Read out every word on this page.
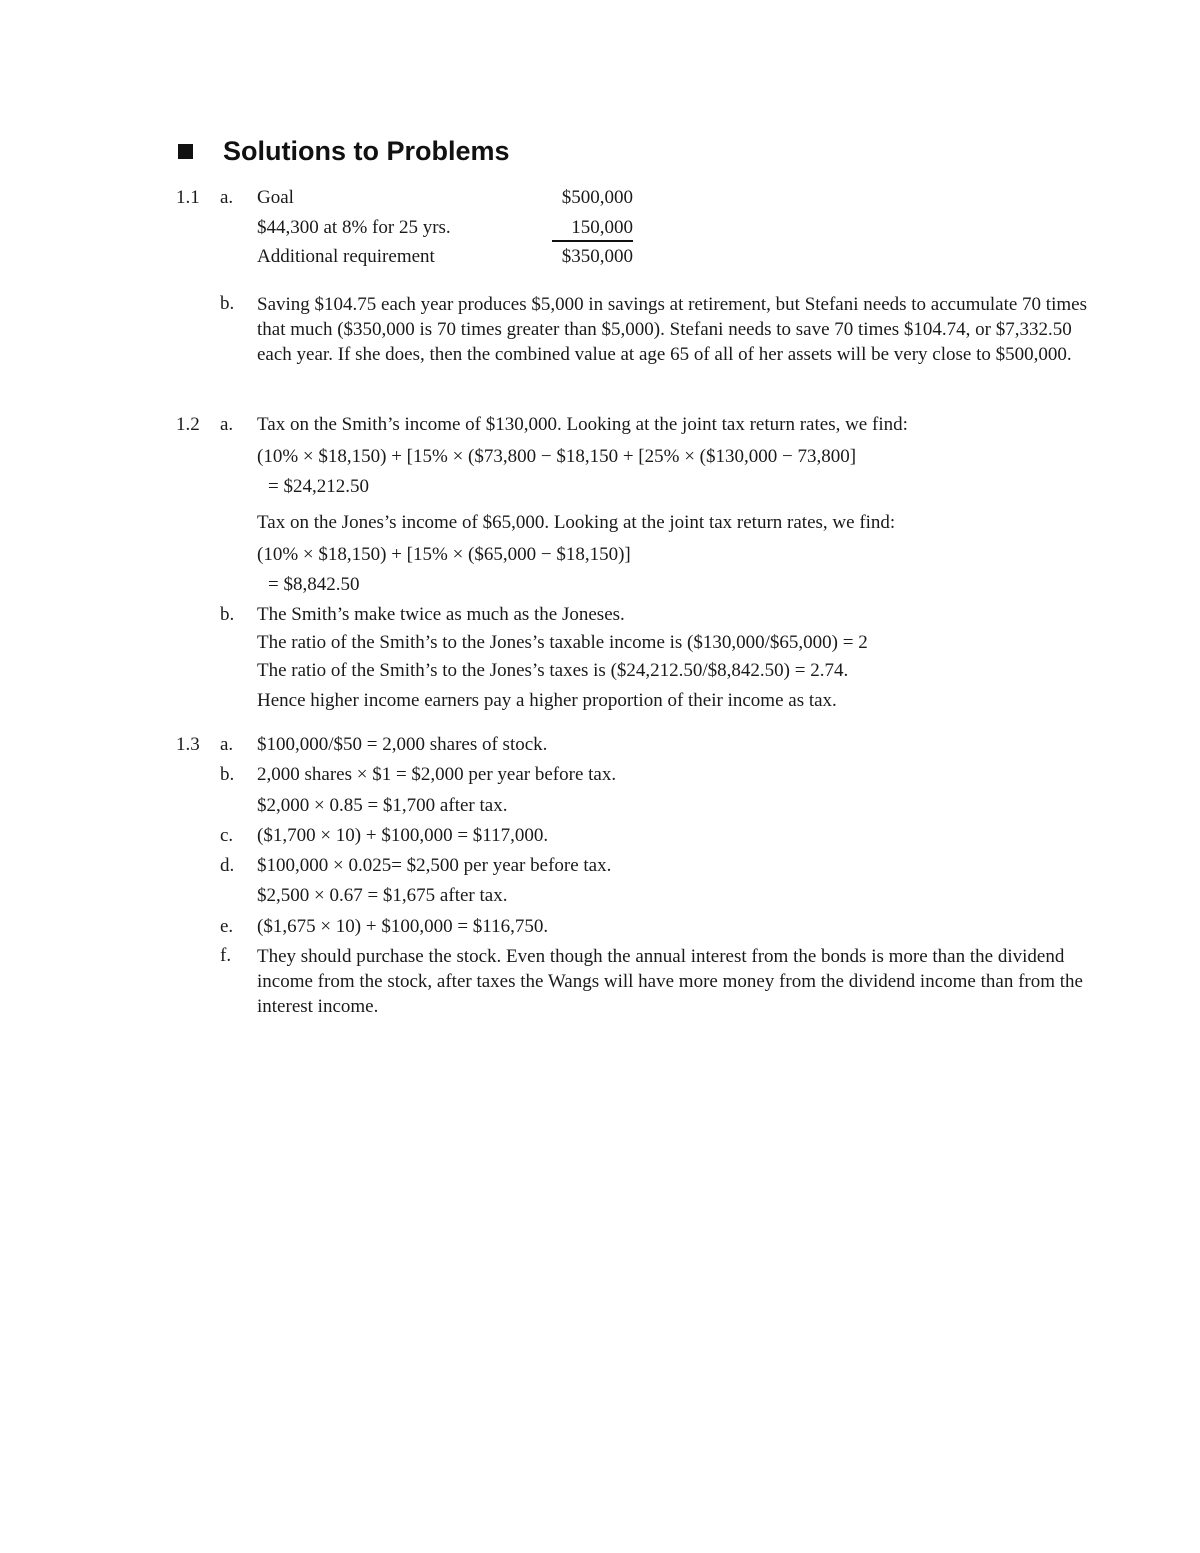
Solutions to Problems
1.1 a. Goal	$500,000
$44,300 at 8% for 25 yrs.	150,000
Additional requirement	$350,000
b. Saving $104.75 each year produces $5,000 in savings at retirement, but Stefani needs to accumulate 70 times that much ($350,000 is 70 times greater than $5,000). Stefani needs to save 70 times $104.74, or $7,332.50 each year. If she does, then the combined value at age 65 of all of her assets will be very close to $500,000.
1.2 a. Tax on the Smith’s income of $130,000. Looking at the joint tax return rates, we find:
(10% × $18,150) + [15% × ($73,800 − $18,150 + [25% × ($130,000 − 73,800]
= $24,212.50
Tax on the Jones’s income of $65,000. Looking at the joint tax return rates, we find:
(10% × $18,150) + [15% × ($65,000 − $18,150)]
= $8,842.50
b. The Smith’s make twice as much as the Joneses.
The ratio of the Smith’s to the Jones’s taxable income is ($130,000/$65,000) = 2
The ratio of the Smith’s to the Jones’s taxes is ($24,212.50/$8,842.50) = 2.74.
Hence higher income earners pay a higher proportion of their income as tax.
1.3 a. $100,000/$50 = 2,000 shares of stock.
b. 2,000 shares × $1 = $2,000 per year before tax.
$2,000 × 0.85 = $1,700 after tax.
c. ($1,700 × 10) + $100,000 = $117,000.
d. $100,000 × 0.025= $2,500 per year before tax.
$2,500 × 0.67 = $1,675 after tax.
e. ($1,675 × 10) + $100,000 = $116,750.
f. They should purchase the stock. Even though the annual interest from the bonds is more than the dividend income from the stock, after taxes the Wangs will have more money from the dividend income than from the interest income.
